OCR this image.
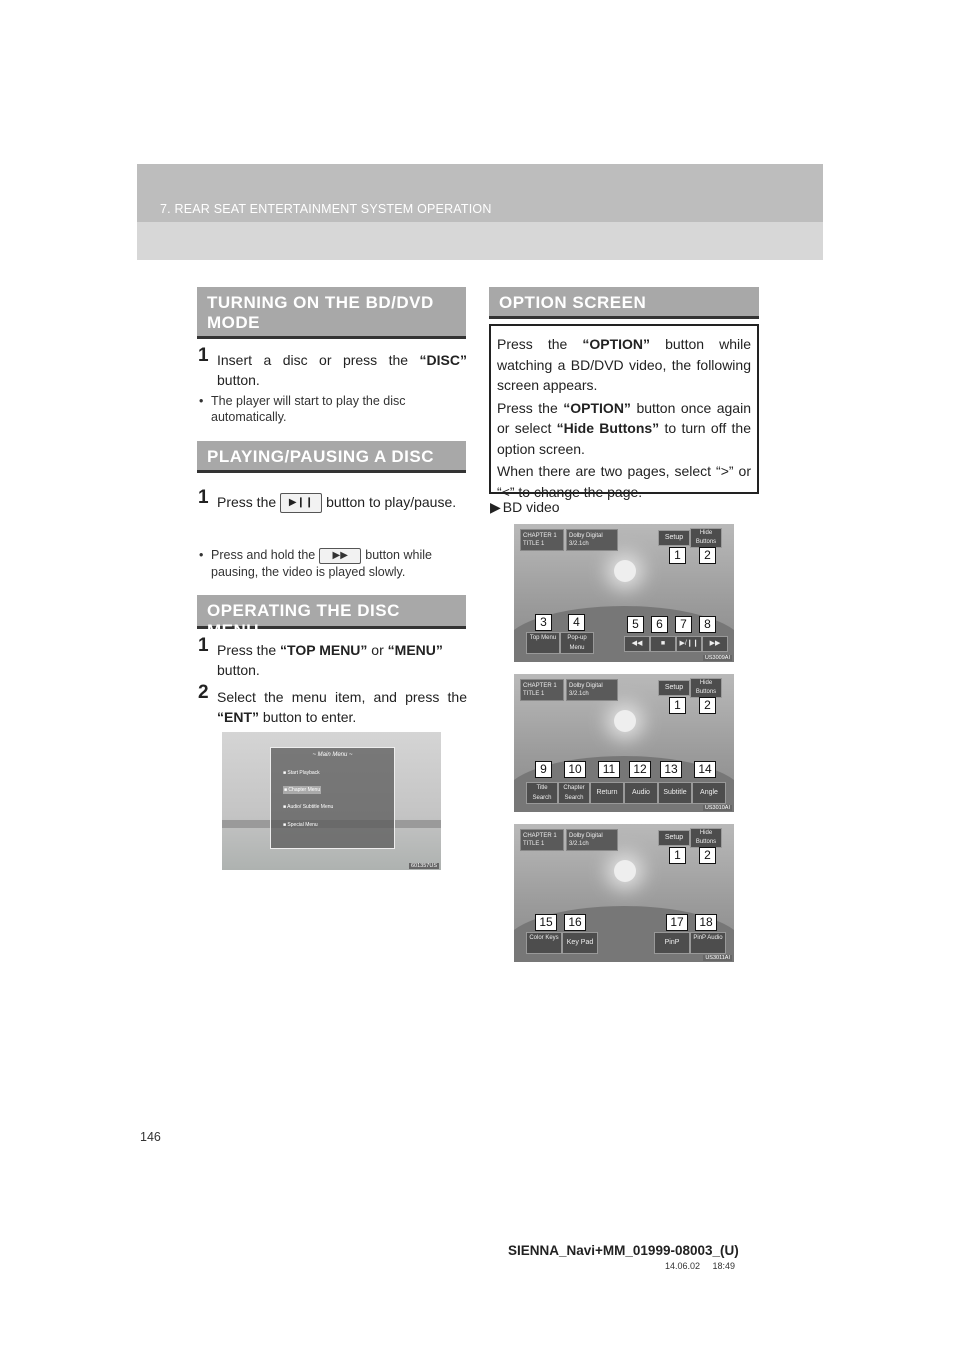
7. REAR SEAT ENTERTAINMENT SYSTEM OPERATION
TURNING ON THE BD/DVD MODE
1 Insert a disc or press the “DISC” button.
• The player will start to play the disc automatically.
PLAYING/PAUSING A DISC
1 Press the ▶❙❙ button to play/pause.
• Press and hold the ▶▶ button while pausing, the video is played slowly.
OPERATING THE DISC MENU
1 Press the “TOP MENU” or “MENU” button.
2 Select the menu item, and press the “ENT” button to enter.
~ Main Menu ~
■ Start Playback
■ Chapter Menu
■ Audio/ Subtitle Menu
■ Special Menu
601357US
OPTION SCREEN

Press the “OPTION” button while watching a BD/DVD video, the following screen appears.

Press the “OPTION” button once again or select “Hide Buttons” to turn off the option screen.

When there are two pages, select “>” or “<” to change the page.

▶ BD video
CHAPTER 1
TITLE 1
Dolby Digital 3/2.1ch
Setup
Hide Buttons
Top Menu	Pop-up Menu
◀◀	■	▶/❙❙	▶▶
1	2
3	4	5	6	7	8
US3009AI
CHAPTER 1
TITLE 1
Dolby Digital 3/2.1ch
Setup
Hide Buttons
Title Search
Chapter Search
Return	Audio	Subtitle	Angle
1	2
9	10	11	12	13	14
US3010AI
CHAPTER 1
TITLE 1
Dolby Digital 3/2.1ch
Setup
Hide Buttons
Color Keys
Key Pad	PinP
PinP Audio
1	2
15	16	17	18
US3011AI
146
SIENNA_Navi+MM_01999-08003_(U)
14.06.02     18:49
